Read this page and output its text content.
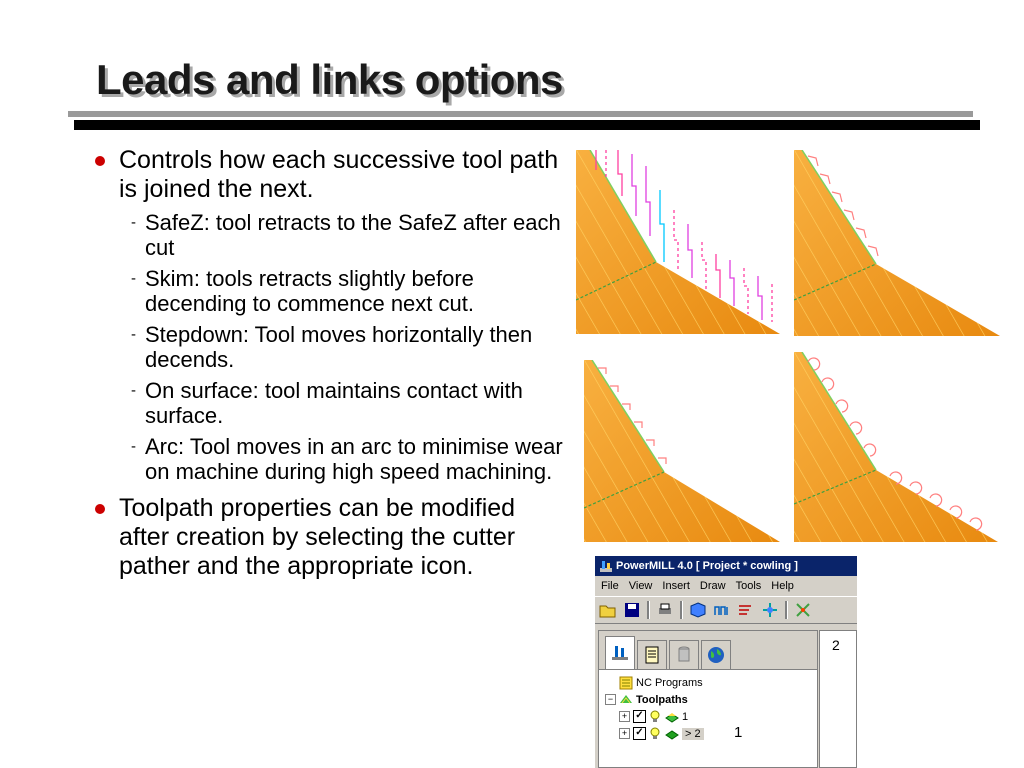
Leads and links options
Controls how each successive tool path is joined the next.
- SafeZ: tool retracts to the SafeZ after each cut
- Skim: tools retracts slightly before decending to commence next cut.
- Stepdown: Tool moves horizontally then decends.
- On surface: tool maintains contact with surface.
- Arc: Tool moves in an arc to minimise wear on machine during high speed machining.
Toolpath properties can be modified after creation by selecting the cutter pather and the appropriate icon.	PowerMILL 4.0 [ Project * cowling ]
File View Insert Draw Tools Help
NC Programs
− Toolpaths
+ ✓	1
+ ✓	> 2
2
1
